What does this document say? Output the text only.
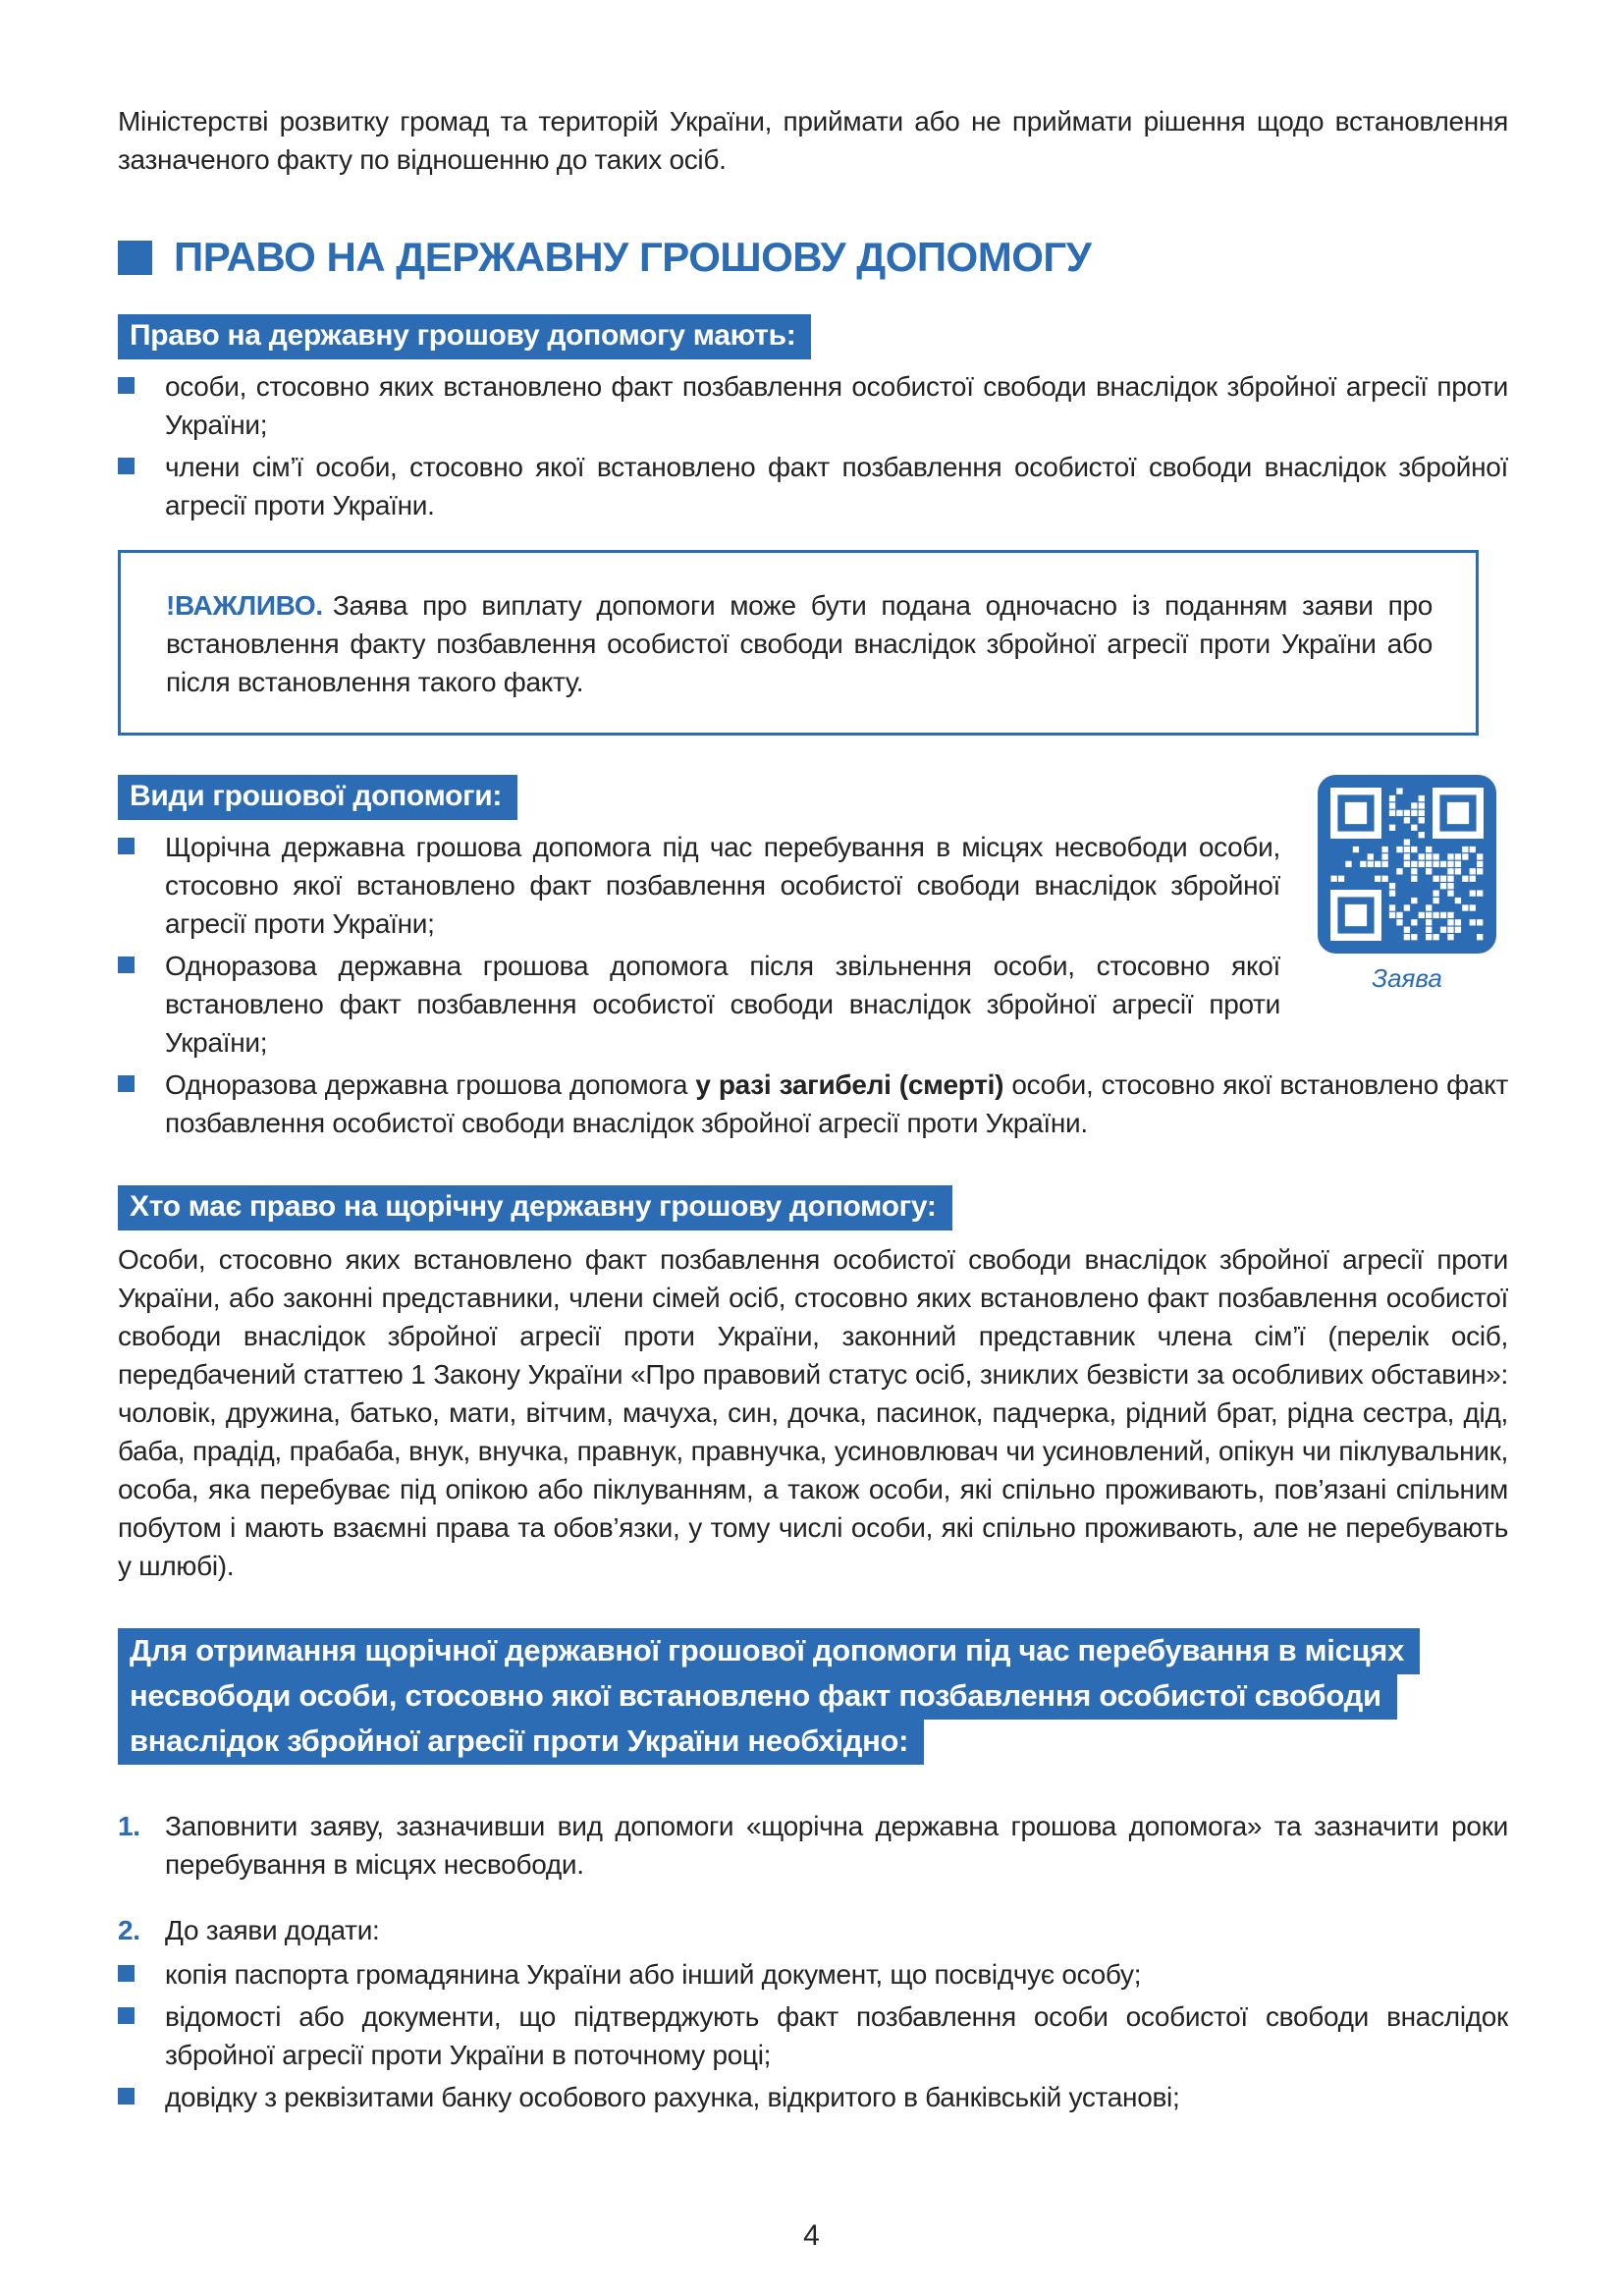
Міністерстві розвитку громад та територій України, приймати або не приймати рішення щодо встановлення зазначеного факту по відношенню до таких осіб.

ПРАВО НА ДЕРЖАВНУ ГРОШОВУ ДОПОМОГУ
Право на державну грошову допомогу мають:

особи, стосовно яких встановлено факт позбавлення особистої свободи внаслідок збройної агресії проти України;

члени сім’ї особи, стосовно якої встановлено факт позбавлення особистої свободи внаслідок збройної агресії проти України.

!ВАЖЛИВО. Заява про виплату допомоги може бути подана одночасно із поданням заяви про встановлення факту позбавлення особистої свободи внаслідок збройної агресії проти України або після встановлення такого факту.

Заява
Види грошової допомоги:

Щорічна державна грошова допомога під час перебування в місцях несвободи особи, стосовно якої встановлено факт позбавлення особистої свободи внаслідок збройної агресії проти України;

Одноразова державна грошова допомога після звільнення особи, стосовно якої встановлено факт позбавлення особистої свободи внаслідок збройної агресії проти України;

Одноразова державна грошова допомога у разі загибелі (смерті) особи, стосовно якої встановлено факт позбавлення особистої свободи внаслідок збройної агресії проти України.

Хто має право на щорічну державну грошову допомогу:

Особи, стосовно яких встановлено факт позбавлення особистої свободи внаслідок збройної агресії проти України, або законні представники, члени сімей осіб, стосовно яких встановлено факт позбавлення особистої свободи внаслідок збройної агресії проти України, законний представник члена сім’ї (перелік осіб, передбачений статтею 1 Закону України «Про правовий статус осіб, зниклих безвісти за особливих обставин»: чоловік, дружина, батько, мати, вітчим, мачуха, син, дочка, пасинок, падчерка, рідний брат, рідна сестра, дід, баба, прадід, прабаба, внук, внучка, правнук, правнучка, усиновлювач чи усиновлений, опікун чи піклувальник, особа, яка перебуває під опікою або піклуванням, а також особи, які спільно проживають, пов’язані спільним побутом і мають взаємні права та обов’язки, у тому числі особи, які спільно проживають, але не перебувають у шлюбі).

Для отримання щорічної державної грошової допомоги під час перебування в місцях несвободи особи, стосовно якої встановлено факт позбавлення особистої свободи внаслідок збройної агресії проти України необхідно:
1. Заповнити заяву, зазначивши вид допомоги «щорічна державна грошова допомога» та зазначити роки перебування в місцях несвободи.

2. До заяви додати:

копія паспорта громадянина України або інший документ, що посвідчує особу;

відомості або документи, що підтверджують факт позбавлення особи особистої свободи внаслідок збройної агресії проти України в поточному році;

довідку з реквізитами банку особового рахунка, відкритого в банківській установі;

4
